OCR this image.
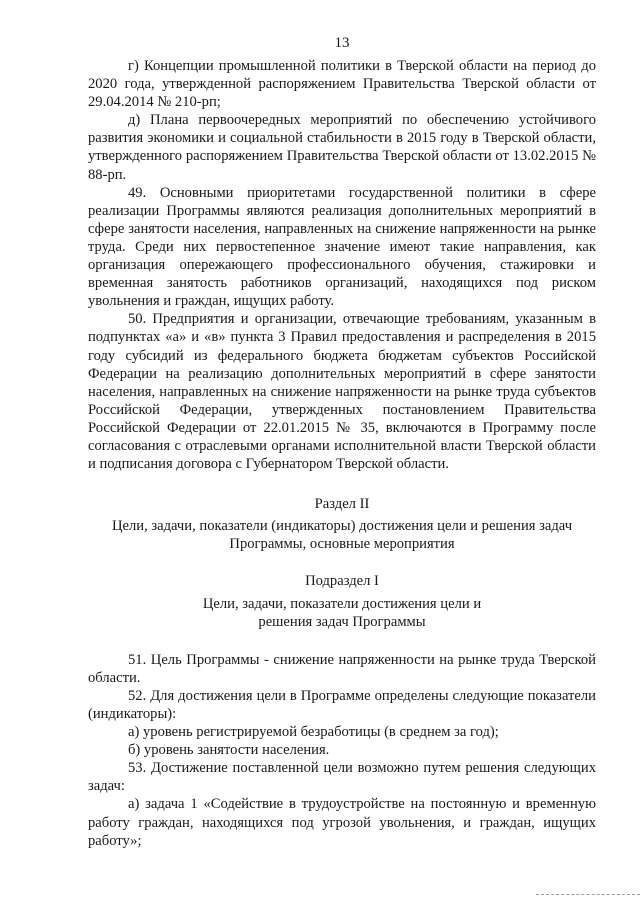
13

г) Концепции промышленной политики в Тверской области на период до 2020 года, утвержденной распоряжением Правительства Тверской области от 29.04.2014 № 210-рп;

д) Плана первоочередных мероприятий по обеспечению устойчивого развития экономики и социальной стабильности в 2015 году в Тверской области, утвержденного распоряжением Правительства Тверской области от 13.02.2015 № 88-рп.

49. Основными приоритетами государственной политики в сфере реализации Программы являются реализация дополнительных мероприятий в сфере занятости населения, направленных на снижение напряженности на рынке труда. Среди них первостепенное значение имеют такие направления, как организация опережающего профессионального обучения, стажировки и временная занятость работников организаций, находящихся под риском увольнения и граждан, ищущих работу.

50. Предприятия и организации, отвечающие требованиям, указанным в подпунктах «а» и «в» пункта 3 Правил предоставления и распределения в 2015 году субсидий из федерального бюджета бюджетам субъектов Российской Федерации на реализацию дополнительных мероприятий в сфере занятости населения, направленных на снижение напряженности на рынке труда субъектов Российской Федерации, утвержденных постановлением Правительства Российской Федерации от 22.01.2015 № 35, включаются в Программу после согласования с отраслевыми органами исполнительной власти Тверской области и подписания договора с Губернатором Тверской области.

Раздел II

Цели, задачи, показатели (индикаторы) достижения цели и решения задач

Программы, основные мероприятия

Подраздел I

Цели, задачи, показатели достижения цели и

решения задач Программы

51. Цель Программы - снижение напряженности на рынке труда Тверской области.

52. Для достижения цели в Программе определены следующие показатели (индикаторы):

а) уровень регистрируемой безработицы (в среднем за год);

б) уровень занятости населения.

53. Достижение поставленной цели возможно путем решения следующих задач:

а) задача 1 «Содействие в трудоустройстве на постоянную и временную работу граждан, находящихся под угрозой увольнения, и граждан, ищущих работу»;
